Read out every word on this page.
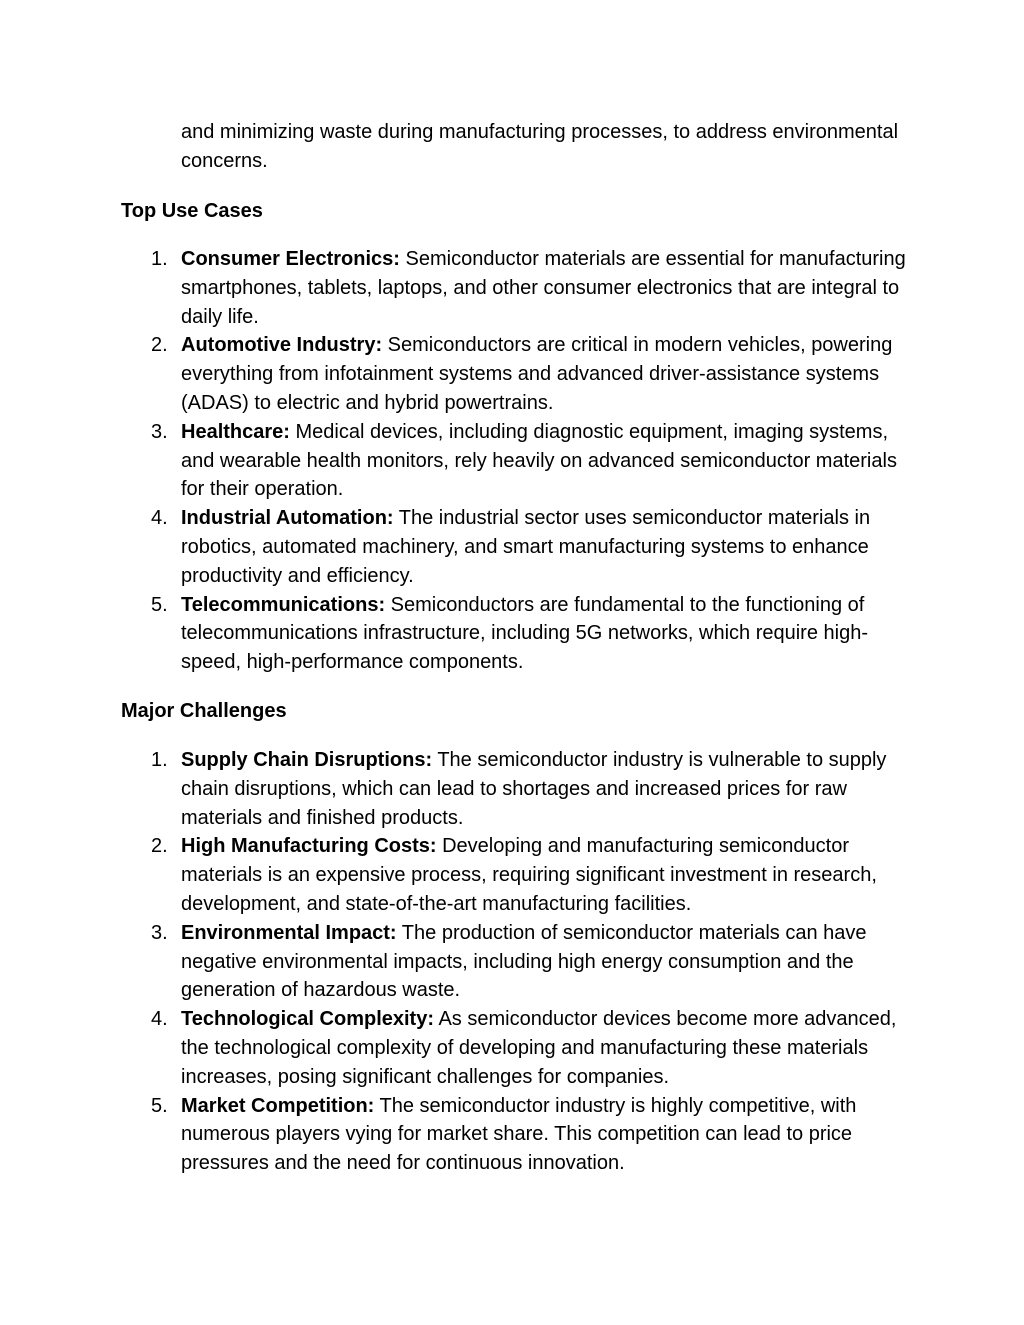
and minimizing waste during manufacturing processes, to address environmental concerns.

Top Use Cases
1. Consumer Electronics: Semiconductor materials are essential for manufacturing smartphones, tablets, laptops, and other consumer electronics that are integral to daily life.
2. Automotive Industry: Semiconductors are critical in modern vehicles, powering everything from infotainment systems and advanced driver-assistance systems (ADAS) to electric and hybrid powertrains.
3. Healthcare: Medical devices, including diagnostic equipment, imaging systems, and wearable health monitors, rely heavily on advanced semiconductor materials for their operation.
4. Industrial Automation: The industrial sector uses semiconductor materials in robotics, automated machinery, and smart manufacturing systems to enhance productivity and efficiency.
5. Telecommunications: Semiconductors are fundamental to the functioning of telecommunications infrastructure, including 5G networks, which require high-speed, high-performance components.
Major Challenges
1. Supply Chain Disruptions: The semiconductor industry is vulnerable to supply chain disruptions, which can lead to shortages and increased prices for raw materials and finished products.
2. High Manufacturing Costs: Developing and manufacturing semiconductor materials is an expensive process, requiring significant investment in research, development, and state-of-the-art manufacturing facilities.
3. Environmental Impact: The production of semiconductor materials can have negative environmental impacts, including high energy consumption and the generation of hazardous waste.
4. Technological Complexity: As semiconductor devices become more advanced, the technological complexity of developing and manufacturing these materials increases, posing significant challenges for companies.
5. Market Competition: The semiconductor industry is highly competitive, with numerous players vying for market share. This competition can lead to price pressures and the need for continuous innovation.
